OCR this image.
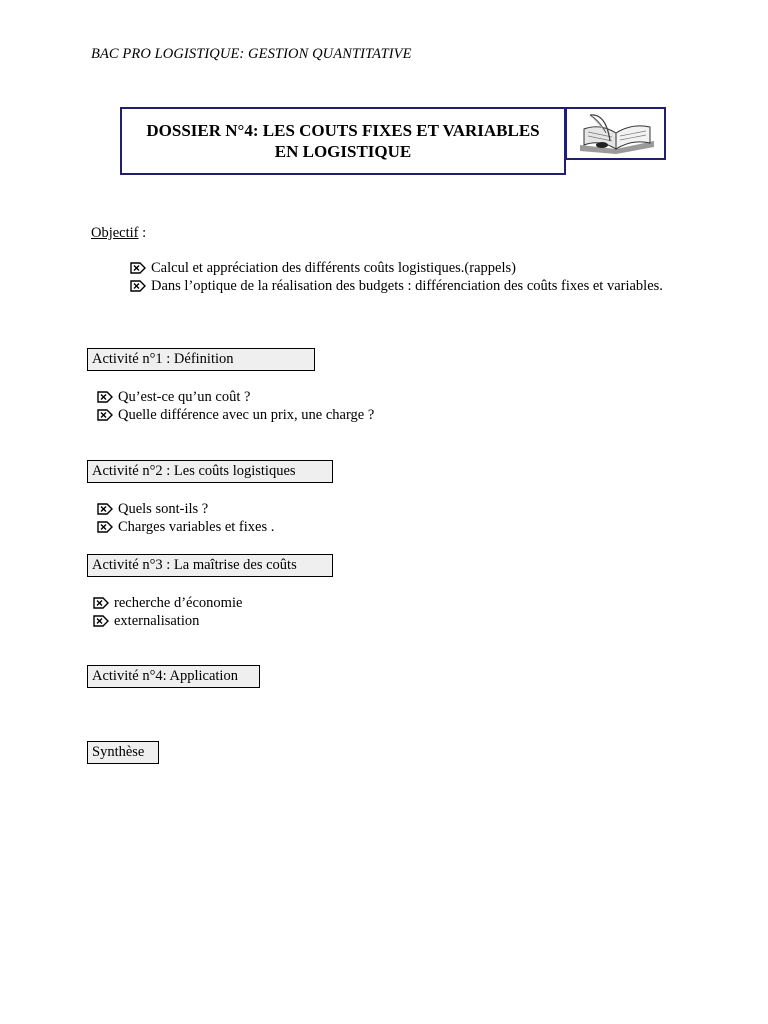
BAC PRO LOGISTIQUE: GESTION QUANTITATIVE
DOSSIER N°4: LES COUTS FIXES ET VARIABLES
EN LOGISTIQUE
Objectif :
Calcul et appréciation des différents coûts logistiques.(rappels)
Dans l’optique de la réalisation des budgets : différenciation des coûts fixes et variables.
Activité n°1 : Définition
Qu’est-ce qu’un coût ?
Quelle différence avec un prix, une charge ?
Activité n°2 : Les coûts logistiques
Quels sont-ils ?
Charges variables et fixes .
Activité n°3 : La maîtrise des coûts
recherche d’économie
externalisation
Activité n°4: Application
Synthèse
